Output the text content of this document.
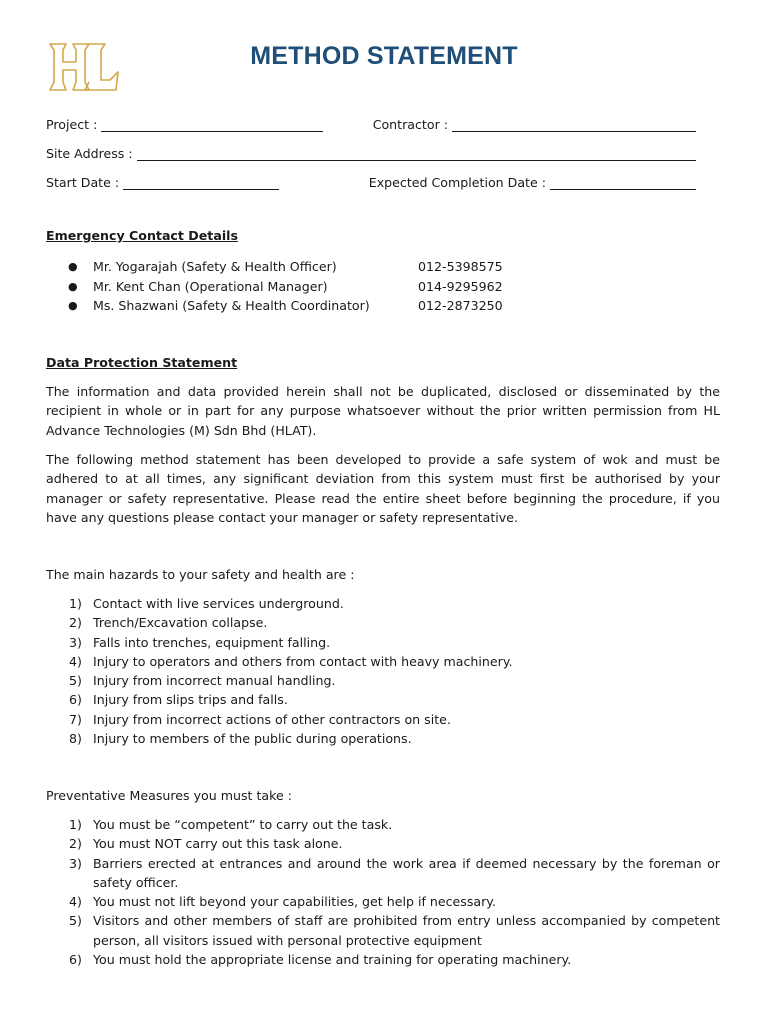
METHOD STATEMENT
Project :	Contractor :
Site Address :
Start Date :	Expected Completion Date :
Emergency Contact Details
●	Mr. Yogarajah (Safety & Health Officer)	012-5398575
●	Mr. Kent Chan (Operational Manager)	014-9295962
●	Ms. Shazwani (Safety & Health Coordinator)	012-2873250
Data Protection Statement
The information and data provided herein shall not be duplicated, disclosed or disseminated by the recipient in whole or in part for any purpose whatsoever without the prior written permission from HL Advance Technologies (M) Sdn Bhd (HLAT).
The following method statement has been developed to provide a safe system of wok and must be adhered to at all times, any significant deviation from this system must first be authorised by your manager or safety representative. Please read the entire sheet before beginning the procedure, if you have any questions please contact your manager or safety representative.
The main hazards to your safety and health are :
1) Contact with live services underground.
2) Trench/Excavation collapse.
3) Falls into trenches, equipment falling.
4) Injury to operators and others from contact with heavy machinery.
5) Injury from incorrect manual handling.
6) Injury from slips trips and falls.
7) Injury from incorrect actions of other contractors on site.
8) Injury to members of the public during operations.
Preventative Measures you must take :
1) You must be “competent” to carry out the task.
2) You must NOT carry out this task alone.
3) Barriers erected at entrances and around the work area if deemed necessary by the foreman or safety officer.
4) You must not lift beyond your capabilities, get help if necessary.
5) Visitors and other members of staff are prohibited from entry unless accompanied by competent person, all visitors issued with personal protective equipment
6) You must hold the appropriate license and training for operating machinery.
